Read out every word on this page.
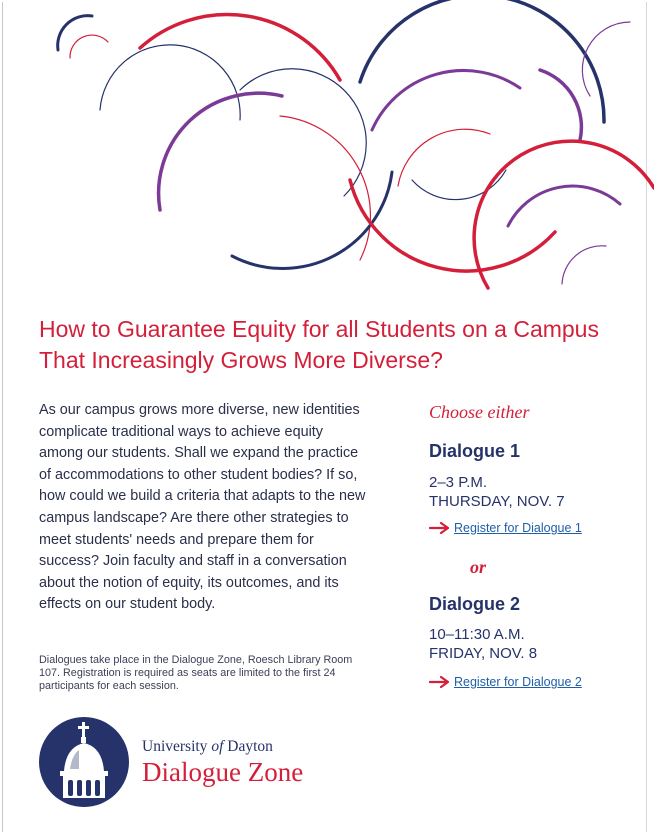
How to Guarantee Equity for all Students on a Campus That Increasingly Grows More Diverse?

As our campus grows more diverse, new identities complicate traditional ways to achieve equity among our students. Shall we expand the practice of accommodations to other student bodies? If so, how could we build a criteria that adapts to the new campus landscape? Are there other strategies to meet students' needs and prepare them for success? Join faculty and staff in a conversation about the notion of equity, its outcomes, and its effects on our student body.

Dialogues take place in the Dialogue Zone, Roesch Library Room 107. Registration is required as seats are limited to the first 24 participants for each session.

Choose either

Dialogue 1

2–3 P.M.

THURSDAY, NOV. 7

Register for Dialogue 1

or

Dialogue 2

10–11:30 A.M.

FRIDAY, NOV. 8

Register for Dialogue 2

University of Dayton

Dialogue Zone
